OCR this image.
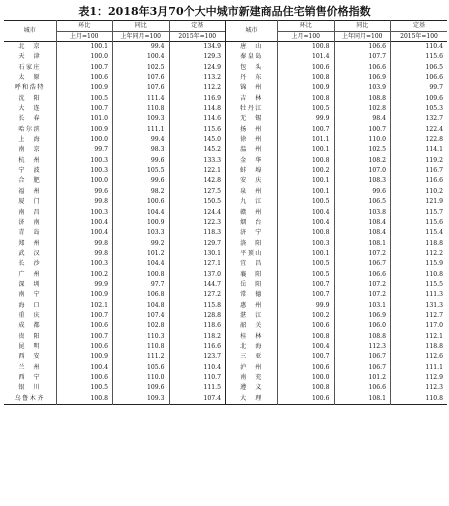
表1：2018年3月70个大中城市新建商品住宅销售价格指数
城市	环比	同比	定基	城市	环比	同比	定基
	上月=100	上年同月=100	2015年=100		上月=100	上年同月=100	2015年=100
北　京	100.1	99.4	134.9	唐　山	100.8	106.6	110.4
天　津	100.0	100.4	129.3	秦皇岛	101.4	107.7	115.6
石家庄	100.7	102.5	124.9	包　头	100.6	106.6	106.5
太　原	100.6	107.6	113.2	丹　东	100.8	106.9	106.6
呼和浩特	100.9	107.6	112.2	锦　州	100.9	103.9	99.7
沈　阳	100.5	111.4	116.9	吉　林	100.8	108.8	109.6
大　连	100.7	110.8	114.8	牡丹江	100.5	102.8	105.3
长　春	101.0	109.3	114.6	无　锡	99.9	98.4	132.7
哈尔滨	100.9	111.1	115.6	扬　州	100.7	100.7	122.4
上　海	100.0	99.4	145.0	徐　州	101.1	110.0	122.8
南　京	99.7	98.3	145.2	温　州	100.1	102.5	114.1
杭　州	100.3	99.6	133.3	金　华	100.8	108.2	119.2
宁　波	100.3	105.5	122.1	蚌　埠	100.2	107.0	116.7
合　肥	100.0	99.6	142.8	安　庆	100.1	108.3	116.6
福　州	99.6	98.2	127.5	泉　州	100.1	99.6	110.2
厦　门	99.8	100.6	150.5	九　江	100.5	106.5	121.9
南　昌	100.3	104.4	124.4	赣　州	100.4	103.8	115.7
济　南	100.4	100.9	122.3	烟　台	100.4	108.4	115.6
青　岛	100.4	103.3	118.3	济　宁	100.8	108.4	115.4
郑　州	99.8	99.2	129.7	洛　阳	100.3	108.1	118.8
武　汉	99.8	101.2	130.1	平顶山	100.1	107.2	112.2
长　沙	100.3	104.4	127.1	宜　昌	100.5	106.7	115.9
广　州	100.2	100.8	137.0	襄　阳	100.5	106.6	110.8
深　圳	99.9	97.7	144.7	岳　阳	100.7	107.2	115.5
南　宁	100.9	106.8	127.2	常　德	100.7	107.2	111.3
海　口	102.1	104.8	115.8	惠　州	99.9	103.1	131.3
重　庆	100.7	107.4	128.8	湛　江	100.2	106.9	112.7
成　都	100.6	102.8	118.6	韶　关	100.6	106.0	117.0
贵　阳	100.7	110.3	118.2	桂　林	100.8	108.8	112.1
昆　明	100.6	110.8	116.6	北　海	100.4	112.3	118.8
西　安	100.9	111.2	123.7	三　亚	100.7	106.7	112.6
兰　州	100.4	105.6	110.4	泸　州	100.6	106.7	111.1
西　宁	100.6	110.0	110.7	南　充	100.0	101.2	112.9
银　川	100.5	109.6	111.5	遵　义	100.8	106.6	112.3
乌鲁木齐	100.8	109.3	107.4	大　理	100.6	108.1	110.8
